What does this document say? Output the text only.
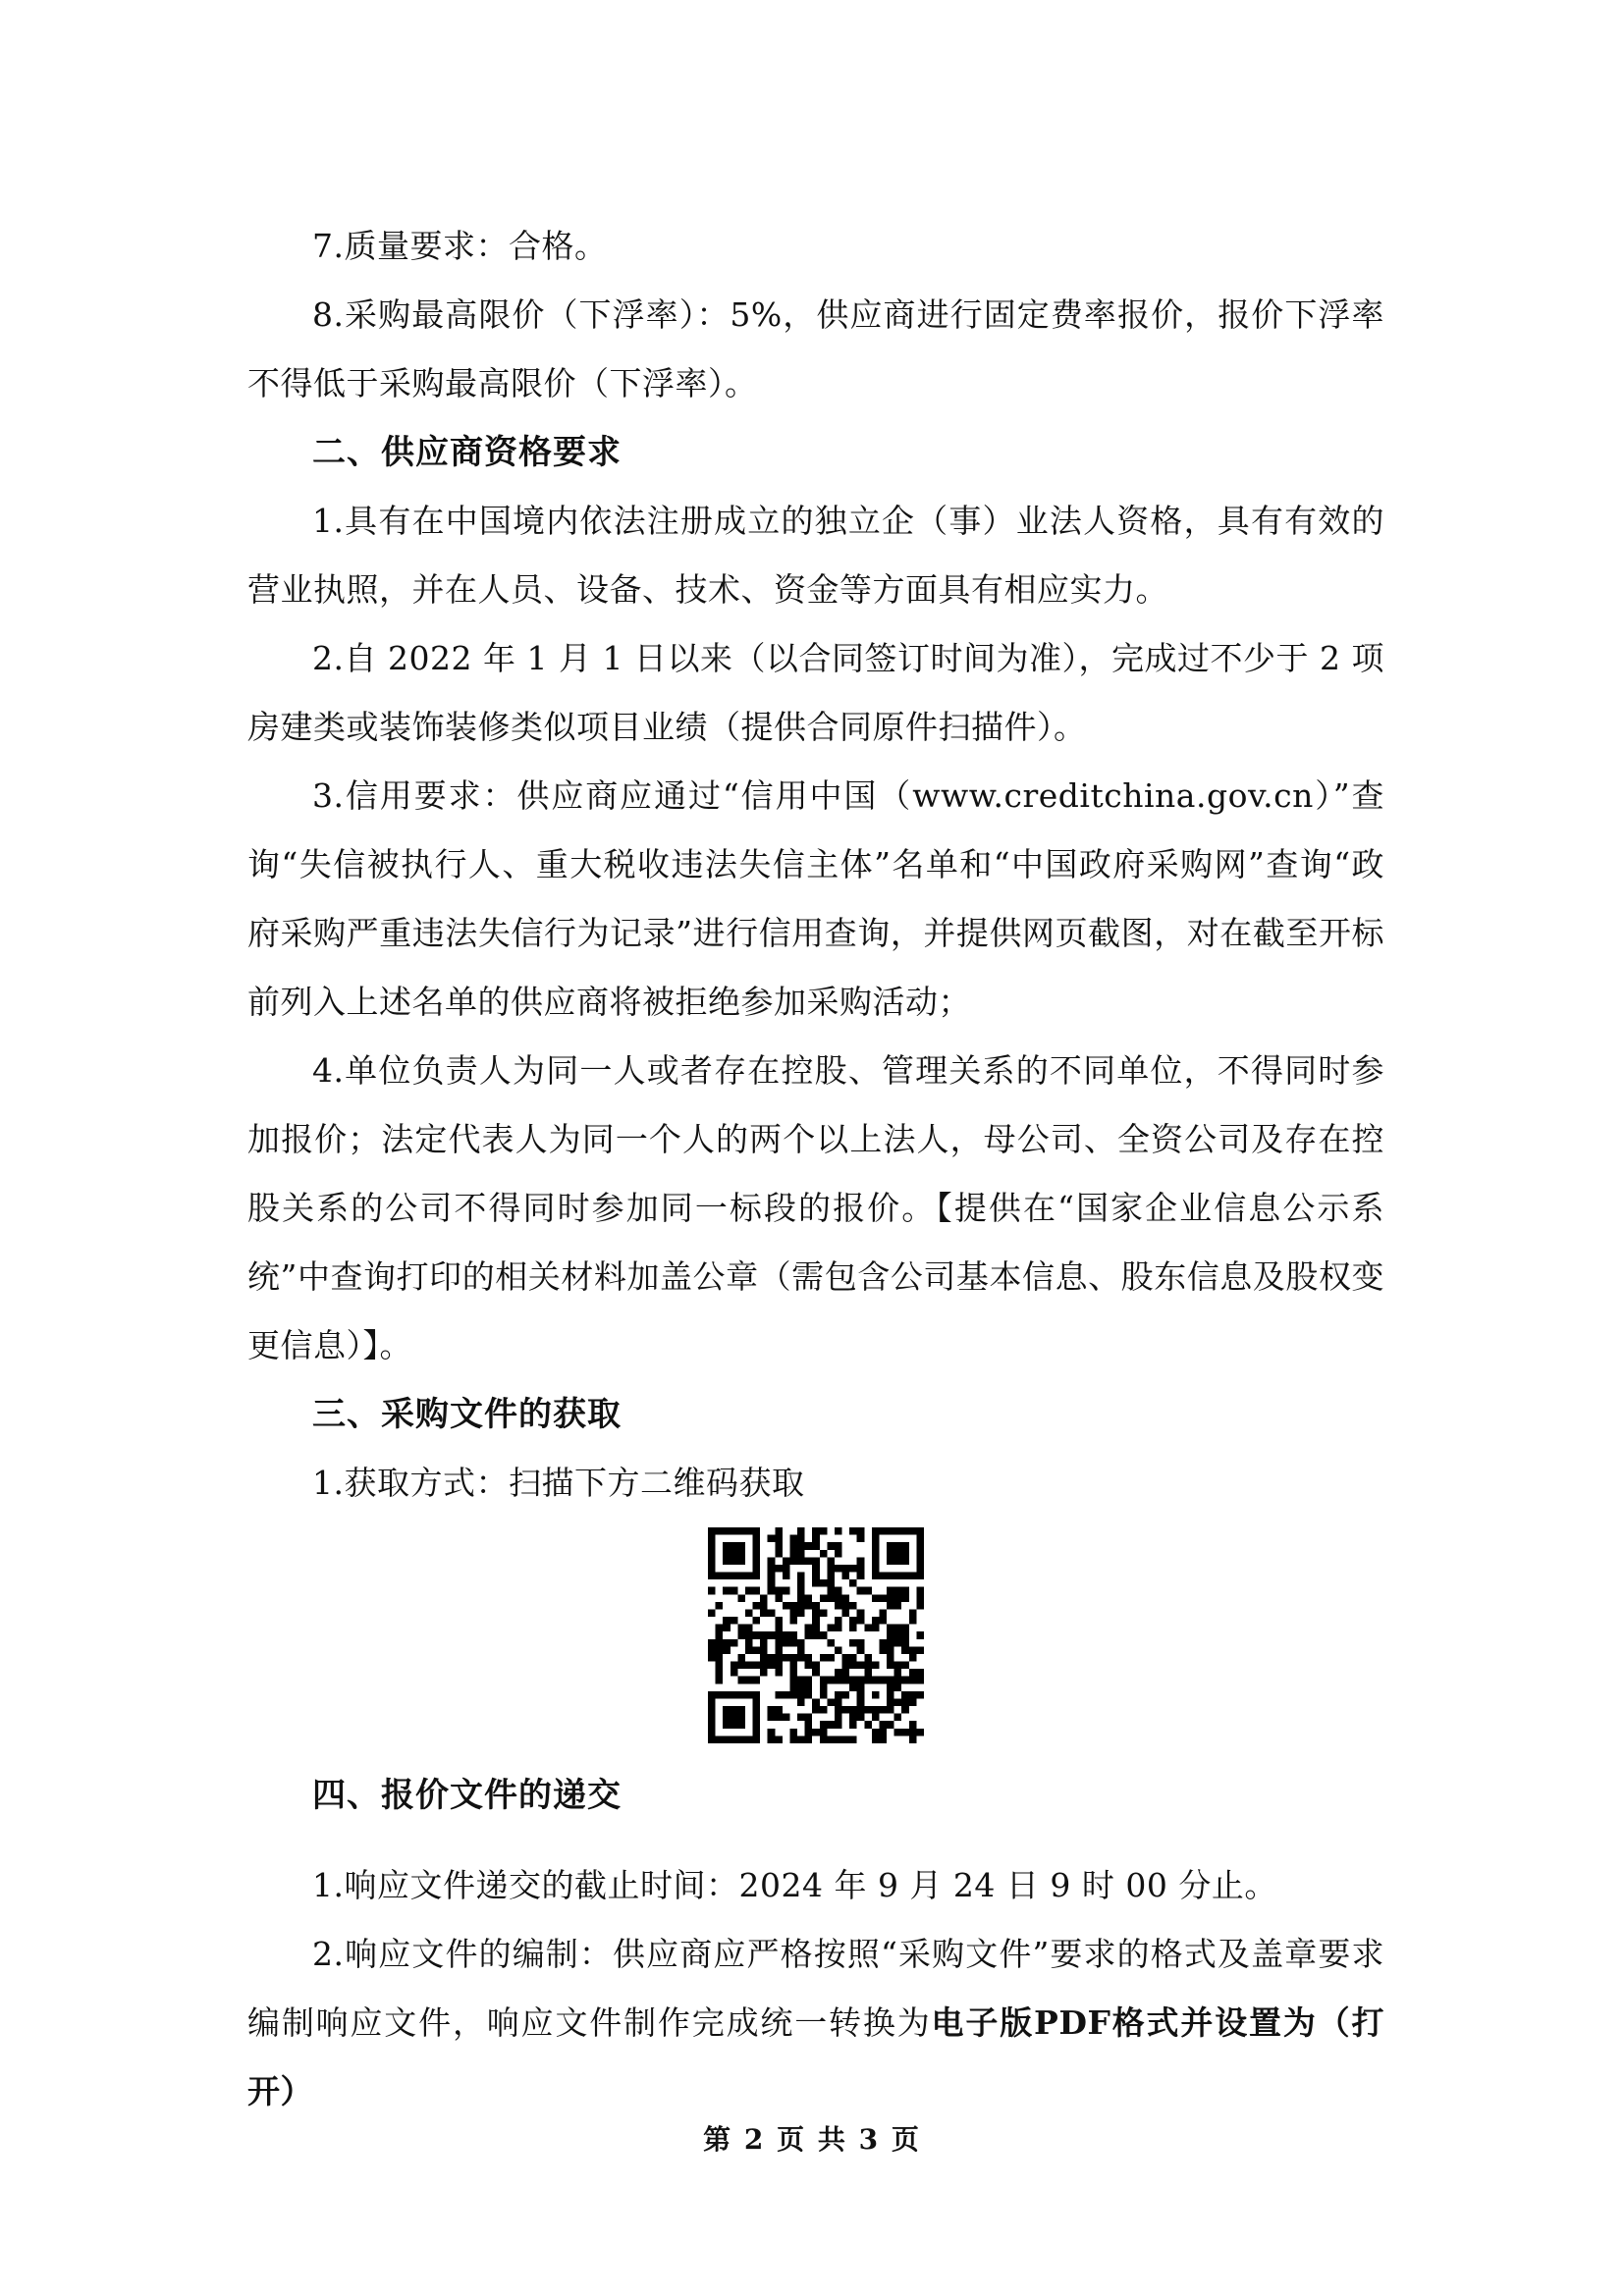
7.质量要求：合格。

8.采购最高限价（下浮率）：5%，供应商进行固定费率报价，报价下浮率不得低于采购最高限价（下浮率）。

二、供应商资格要求

1.具有在中国境内依法注册成立的独立企（事）业法人资格，具有有效的营业执照，并在人员、设备、技术、资金等方面具有相应实力。

2.自 2022 年 1 月 1 日以来（以合同签订时间为准），完成过不少于 2 项房建类或装饰装修类似项目业绩（提供合同原件扫描件）。

3.信用要求：供应商应通过“信用中国（www.creditchina.gov.cn）”查询“失信被执行人、重大税收违法失信主体”名单和“中国政府采购网”查询“政府采购严重违法失信行为记录”进行信用查询，并提供网页截图，对在截至开标前列入上述名单的供应商将被拒绝参加采购活动；

4.单位负责人为同一人或者存在控股、管理关系的不同单位，不得同时参加报价；法定代表人为同一个人的两个以上法人，母公司、全资公司及存在控股关系的公司不得同时参加同一标段的报价。【提供在“国家企业信息公示系统”中查询打印的相关材料加盖公章（需包含公司基本信息、股东信息及股权变更信息）】。

三、采购文件的获取

1.获取方式：扫描下方二维码获取

四、报价文件的递交

1.响应文件递交的截止时间：2024 年 9 月 24 日 9 时 00 分止。

2.响应文件的编制：供应商应严格按照“采购文件”要求的格式及盖章要求编制响应文件，响应文件制作完成统一转换为电子版PDF格式并设置为（打开）

第 2 页 共 3 页
